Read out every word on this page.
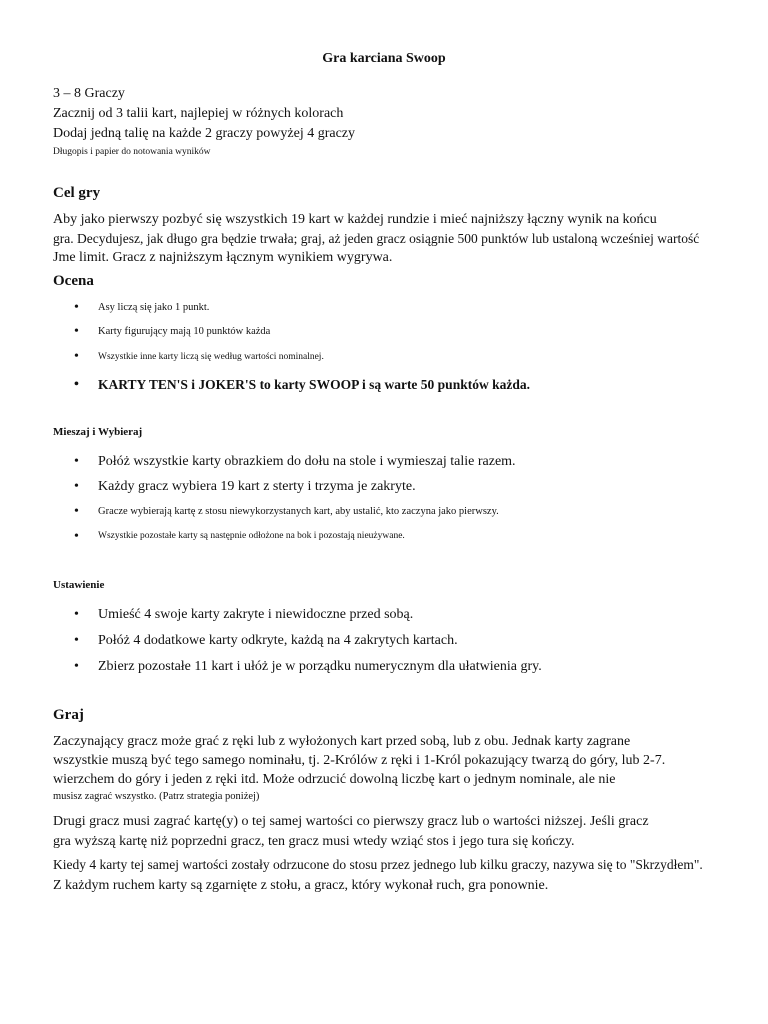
Gra karciana Swoop
3 – 8 Graczy
Zacznij od 3 talii kart, najlepiej w różnych kolorach
Dodaj jedną talię na każde 2 graczy powyżej 4 graczy
Długopis i papier do notowania wyników
Cel gry
Aby jako pierwszy pozbyć się wszystkich 19 kart w każdej rundzie i mieć najniższy łączny wynik na końcu
gra. Decydujesz, jak długo gra będzie trwała; graj, aż jeden gracz osiągnie 500 punktów lub ustaloną wcześniej wartość
Jme limit. Gracz z najniższym łącznym wynikiem wygrywa.
Ocena
• Asy liczą się jako 1 punkt.
• Karty figurujący mają 10 punktów każda
• Wszystkie inne karty liczą się według wartości nominalnej.
• KARTY TEN'S i JOKER'S to karty SWOOP i są warte 50 punktów każda.
Mieszaj i Wybieraj
• Połóż wszystkie karty obrazkiem do dołu na stole i wymieszaj talie razem.
• Każdy gracz wybiera 19 kart z sterty i trzyma je zakryte.
• Gracze wybierają kartę z stosu niewykorzystanych kart, aby ustalić, kto zaczyna jako pierwszy.
• Wszystkie pozostałe karty są następnie odłożone na bok i pozostają nieużywane.
Ustawienie
• Umieść 4 swoje karty zakryte i niewidoczne przed sobą.
• Połóż 4 dodatkowe karty odkryte, każdą na 4 zakrytych kartach.
• Zbierz pozostałe 11 kart i ułóż je w porządku numerycznym dla ułatwienia gry.
Graj
Zaczynający gracz może grać z ręki lub z wyłożonych kart przed sobą, lub z obu. Jednak karty zagrane
wszystkie muszą być tego samego nominału, tj. 2-Królów z ręki i 1-Król pokazujący twarzą do góry, lub 2-7.
wierzchem do góry i jeden z ręki itd. Może odrzucić dowolną liczbę kart o jednym nominale, ale nie
musisz zagrać wszystko. (Patrz strategia poniżej)
Drugi gracz musi zagrać kartę(y) o tej samej wartości co pierwszy gracz lub o wartości niższej. Jeśli gracz
gra wyższą kartę niż poprzedni gracz, ten gracz musi wtedy wziąć stos i jego tura się kończy.
Kiedy 4 karty tej samej wartości zostały odrzucone do stosu przez jednego lub kilku graczy, nazywa się to "Skrzydłem".
Z każdym ruchem karty są zgarnięte z stołu, a gracz, który wykonał ruch, gra ponownie.
